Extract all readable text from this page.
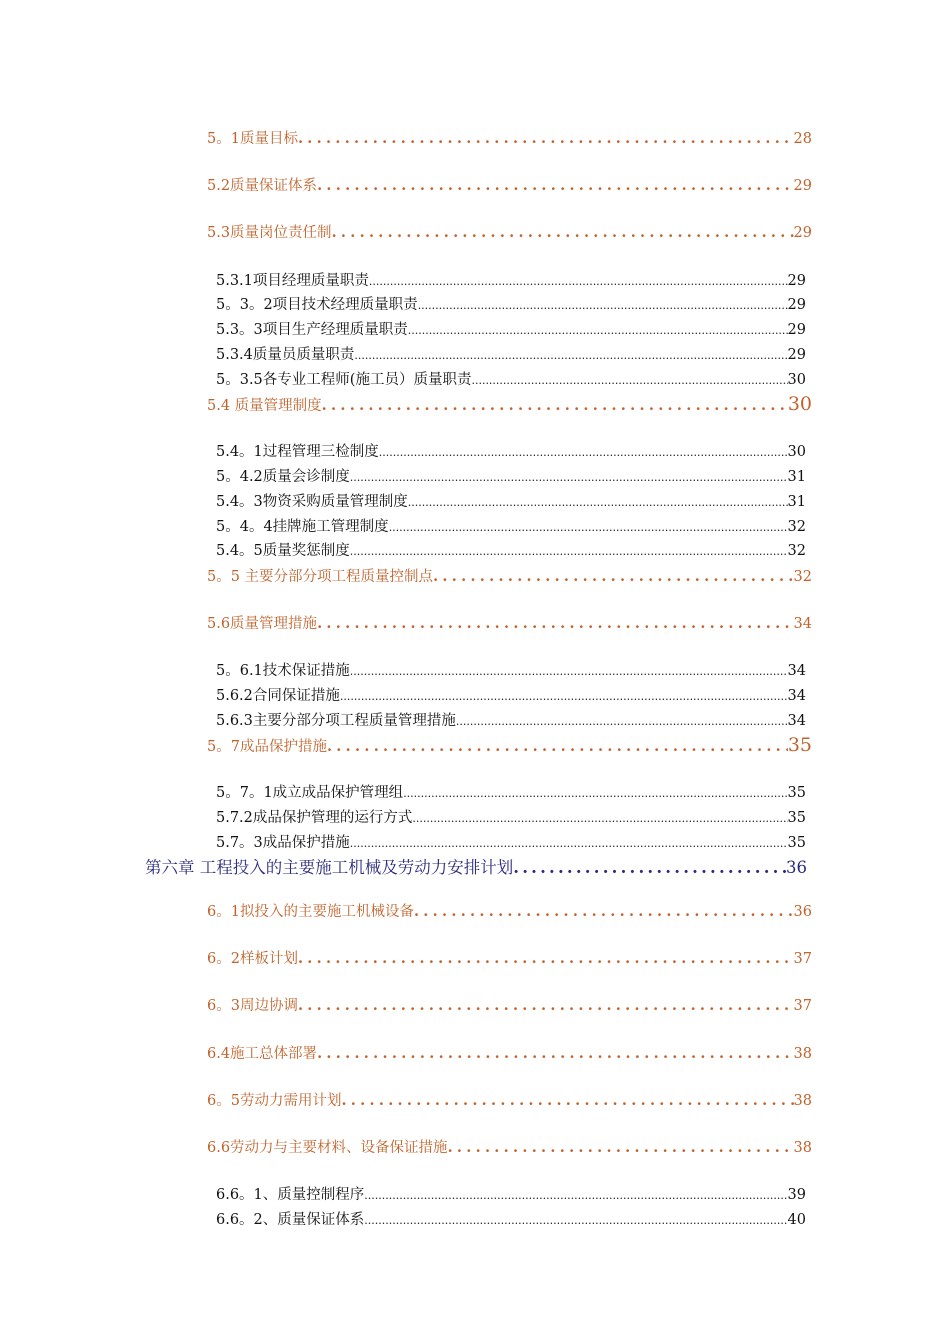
5。1质量目标 .....	28
5.2质量保证体系 .....	29
5.3质量岗位责任制 .....	29
5.3.1项目经理质量职责 .....	29
5。3。2项目技术经理质量职责 .....	29
5.3。3项目生产经理质量职责 .....	29
5.3.4质量员质量职责 .....	29
5。3.5各专业工程师(施工员）质量职责 .....	30
5.4 质量管理制度 .....	30
5.4。1过程管理三检制度 .....	30
5。4.2质量会诊制度 .....	31
5.4。3物资采购质量管理制度 .....	31
5。4。4挂牌施工管理制度 .....	32
5.4。5质量奖惩制度 .....	32
5。5 主要分部分项工程质量控制点 .....	32
5.6质量管理措施 .....	34
5。6.1技术保证措施 .....	34
5.6.2合同保证措施 .....	34
5.6.3主要分部分项工程质量管理措施 .....	34
5。7成品保护措施 .....	35
5。7。1成立成品保护管理组 .....	35
5.7.2成品保护管理的运行方式 .....	35
5.7。3成品保护措施 .....	35
第六章 工程投入的主要施工机械及劳动力安排计划 .....	36
6。1拟投入的主要施工机械设备 .....	36
6。2样板计划 .....	37
6。3周边协调 .....	37
6.4施工总体部署 .....	38
6。5劳动力需用计划 .....	38
6.6劳动力与主要材料、设备保证措施 .....	38
6.6。1、质量控制程序 .....	39
6.6。2、质量保证体系 .....	40
